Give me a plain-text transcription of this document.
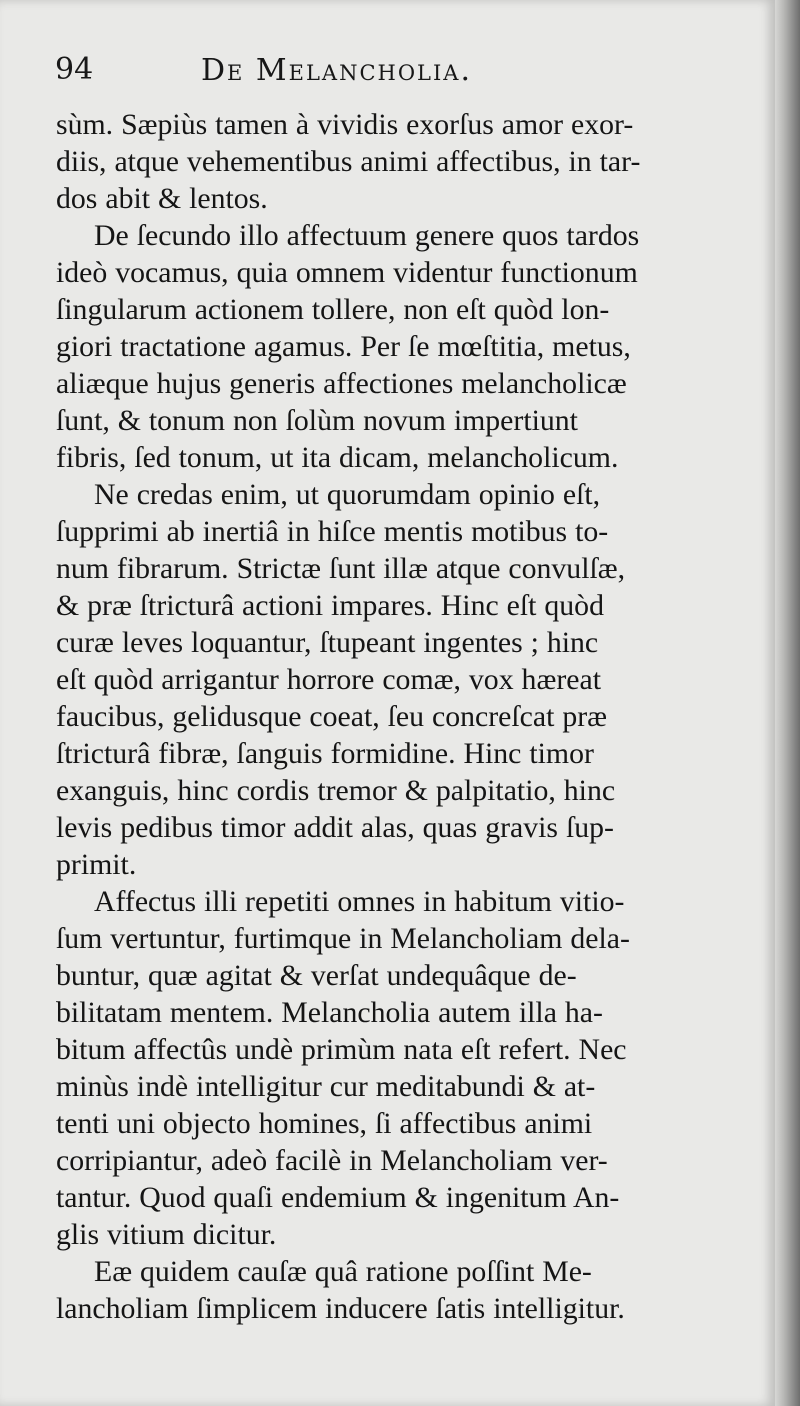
94	De Melancholia.
sùm. Sæpiùs tamen à vividis exorſus amor exor-
diis, atque vehementibus animi affectibus, in tar-
dos abit & lentos.
De ſecundo illo affectuum genere quos tardos
ideò vocamus, quia omnem videntur functionum
ſingularum actionem tollere, non eſt quòd lon-
giori tractatione agamus. Per ſe mœſtitia, metus,
aliæque hujus generis affectiones melancholicæ
ſunt, & tonum non ſolùm novum impertiunt
fibris, ſed tonum, ut ita dicam, melancholicum.
Ne credas enim, ut quorumdam opinio eſt,
ſupprimi ab inertiâ in hiſce mentis motibus to-
num fibrarum. Strictæ ſunt illæ atque convulſæ,
& præ ſtricturâ actioni impares. Hinc eſt quòd
curæ leves loquantur, ſtupeant ingentes ; hinc
eſt quòd arrigantur horrore comæ, vox hæreat
faucibus, gelidusque coeat, ſeu concreſcat præ
ſtricturâ fibræ, ſanguis formidine. Hinc timor
exanguis, hinc cordis tremor & palpitatio, hinc
levis pedibus timor addit alas, quas gravis ſup-
primit.
Affectus illi repetiti omnes in habitum vitio-
ſum vertuntur, furtimque in Melancholiam dela-
buntur, quæ agitat & verſat undequâque de-
bilitatam mentem. Melancholia autem illa ha-
bitum affectûs undè primùm nata eſt refert. Nec
minùs indè intelligitur cur meditabundi & at-
tenti uni objecto homines, ſi affectibus animi
corripiantur, adeò facilè in Melancholiam ver-
tantur. Quod quaſi endemium & ingenitum An-
glis vitium dicitur.
Eæ quidem cauſæ quâ ratione poſſint Me-
lancholiam ſimplicem inducere ſatis intelligitur.
